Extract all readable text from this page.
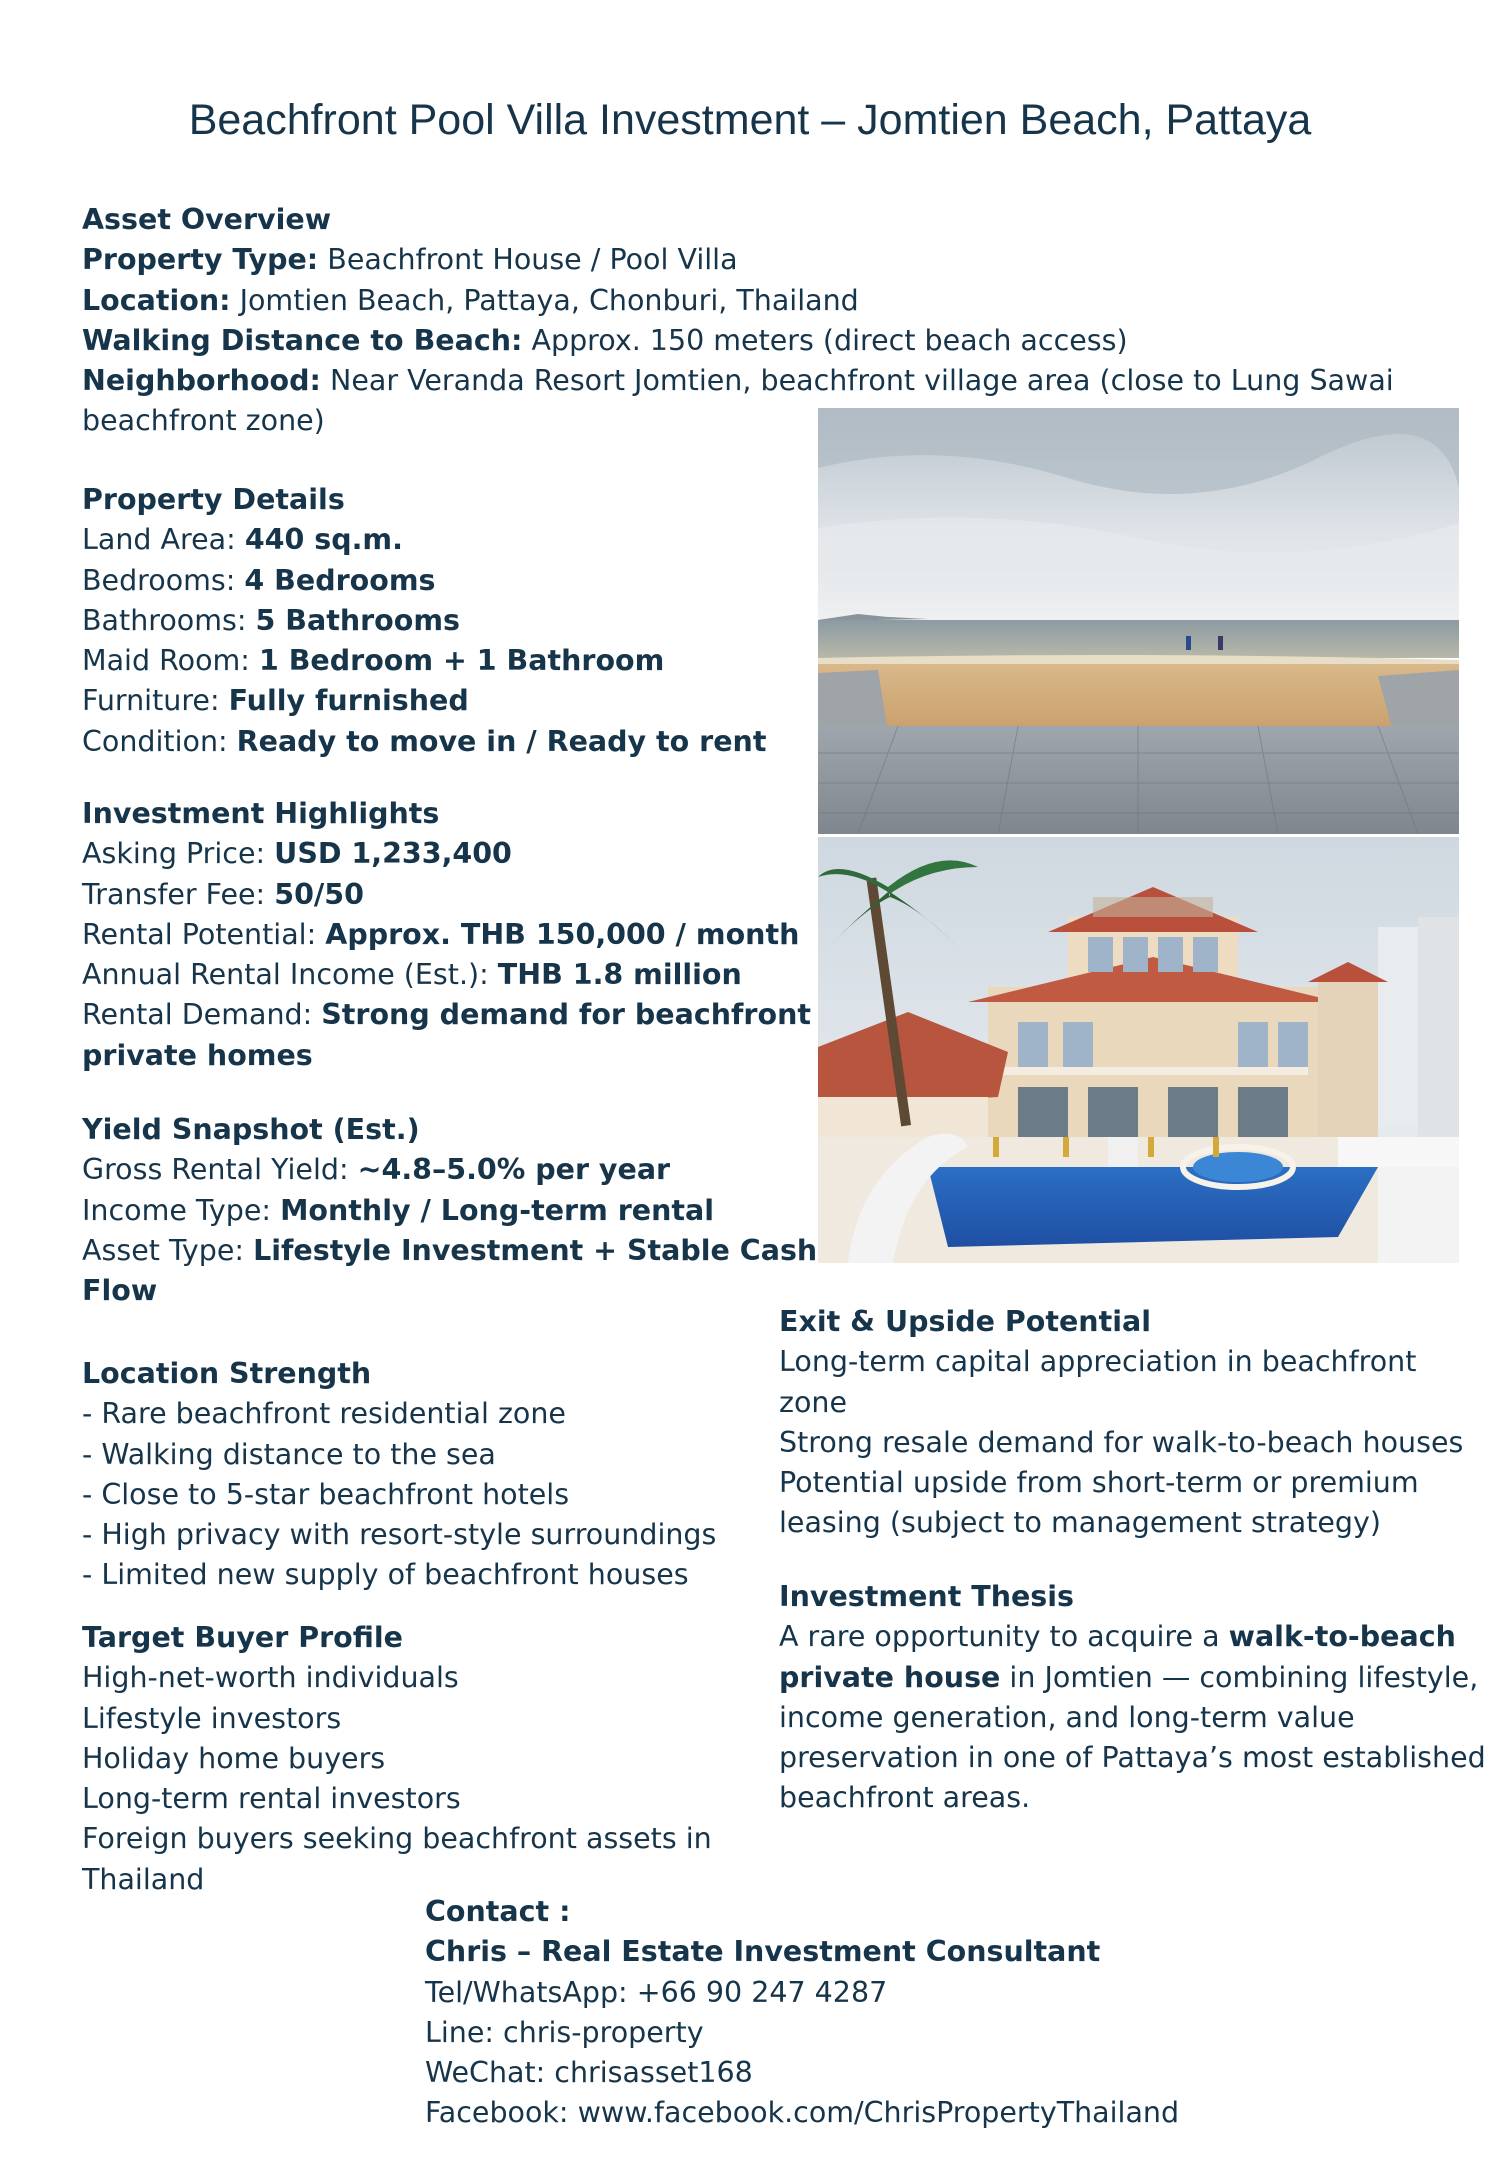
Beachfront Pool Villa Investment – Jomtien Beach, Pattaya
Asset Overview
Property Type: Beachfront House / Pool Villa
Location: Jomtien Beach, Pattaya, Chonburi, Thailand
Walking Distance to Beach: Approx. 150 meters (direct beach access)
Neighborhood: Near Veranda Resort Jomtien, beachfront village area (close to Lung Sawai
beachfront zone)
Property Details
Land Area: 440 sq.m.
Bedrooms: 4 Bedrooms
Bathrooms: 5 Bathrooms
Maid Room: 1 Bedroom + 1 Bathroom
Furniture: Fully furnished
Condition: Ready to move in / Ready to rent
Investment Highlights
Asking Price: USD 1,233,400
Transfer Fee: 50/50
Rental Potential: Approx. THB 150,000 / month
Annual Rental Income (Est.): THB 1.8 million
Rental Demand: Strong demand for beachfront
private homes
Yield Snapshot (Est.)
Gross Rental Yield: ~4.8–5.0% per year
Income Type: Monthly / Long-term rental
Asset Type: Lifestyle Investment + Stable Cash
Flow
Exit & Upside Potential
Long-term capital appreciation in beachfront
zone
Strong resale demand for walk-to-beach houses
Potential upside from short-term or premium
leasing (subject to management strategy)
Location Strength
- Rare beachfront residential zone
- Walking distance to the sea
- Close to 5-star beachfront hotels
- High privacy with resort-style surroundings
- Limited new supply of beachfront houses
Investment Thesis
A rare opportunity to acquire a walk-to-beach
private house in Jomtien — combining lifestyle,
income generation, and long-term value
preservation in one of Pattaya’s most established
beachfront areas.
Target Buyer Profile
High-net-worth individuals
Lifestyle investors
Holiday home buyers
Long-term rental investors
Foreign buyers seeking beachfront assets in
Thailand
Contact :
Chris – Real Estate Investment Consultant
Tel/WhatsApp: +66 90 247 4287
Line: chris-property
WeChat: chrisasset168
Facebook: www.facebook.com/ChrisPropertyThailand
